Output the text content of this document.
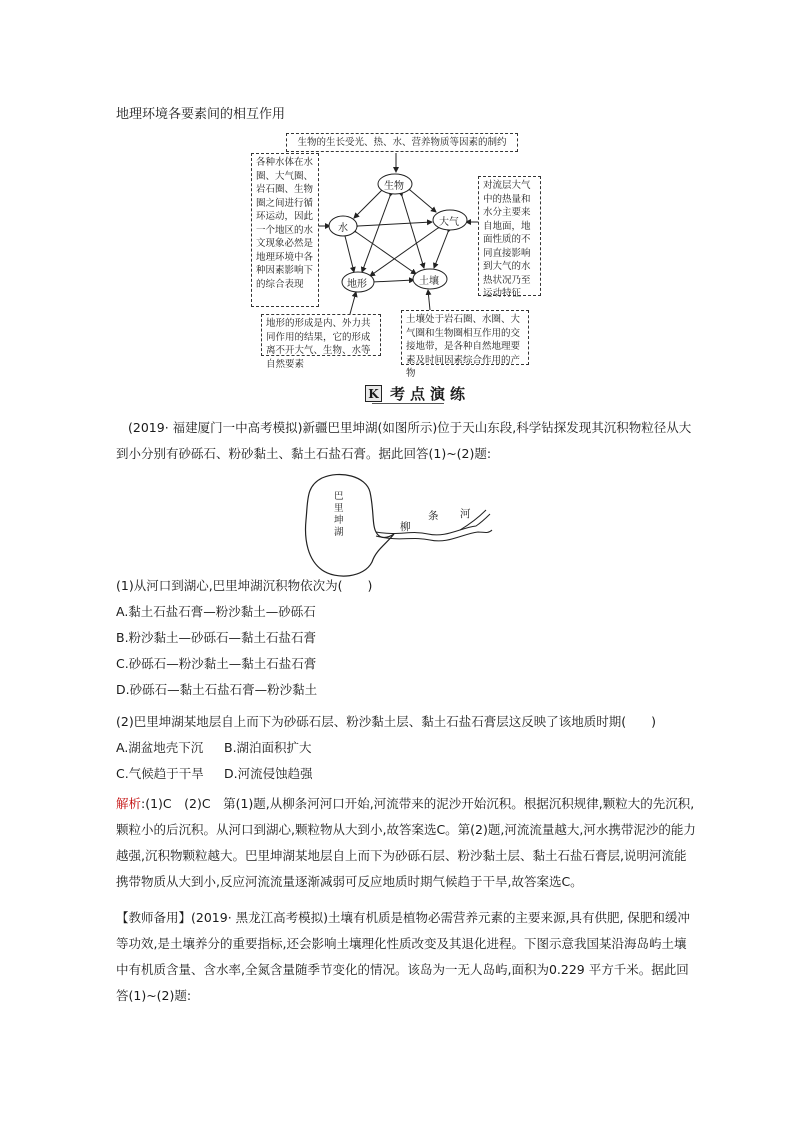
地理环境各要素间的相互作用
生物的生长受光、热、水、营养物质等因素的制约
各种水体在水圈、大气圈、岩石圈、生物圈之间进行循环运动，因此一个地区的水文现象必然是地理环境中各种因素影响下的综合表现
对流层大气中的热量和水分主要来自地面，地面性质的不同直接影响到大气的水热状况乃至运动特征
地形的形成是内、外力共同作用的结果，它的形成离不开大气、生物、水等自然要素
土壤处于岩石圈、水圈、大气圈和生物圈相互作用的交接地带，是各种自然地理要素及时间因素综合作用的产物
生物
水
大气
地形	土壤
K 考点演练
(2019· 福建厦门一中高考模拟)新疆巴里坤湖(如图所示)位于天山东段,科学钻探发现其沉积物粒径从大到小分别有砂砾石、粉砂黏土、黏土石盐石膏。据此回答(1)~(2)题:
巴里坤湖	柳
条 河
(1)从河口到湖心,巴里坤湖沉积物依次为(　　)
A.黏土石盐石膏—粉沙黏土—砂砾石
B.粉沙黏土—砂砾石—黏土石盐石膏
C.砂砾石—粉沙黏土—黏土石盐石膏
D.砂砾石—黏土石盐石膏—粉沙黏土
(2)巴里坤湖某地层自上而下为砂砾石层、粉沙黏土层、黏土石盐石膏层这反映了该地质时期(　　)
A.湖盆地壳下沉 B.湖泊面积扩大
C.气候趋于干旱 D.河流侵蚀趋强
解析:(1)C　(2)C　第(1)题,从柳条河河口开始,河流带来的泥沙开始沉积。根据沉积规律,颗粒大的先沉积,颗粒小的后沉积。从河口到湖心,颗粒物从大到小,故答案选C。第(2)题,河流流量越大,河水携带泥沙的能力越强,沉积物颗粒越大。巴里坤湖某地层自上而下为砂砾石层、粉沙黏土层、黏土石盐石膏层,说明河流能携带物质从大到小,反应河流流量逐渐减弱可反应地质时期气候趋于干旱,故答案选C。
【教师备用】(2019· 黑龙江高考模拟)土壤有机质是植物必需营养元素的主要来源,具有供肥, 保肥和缓冲等功效,是土壤养分的重要指标,还会影响土壤理化性质改变及其退化进程。下图示意我国某沿海岛屿土壤中有机质含量、含水率,全氮含量随季节变化的情况。该岛为一无人岛屿,面积为0.229 平方千米。据此回答(1)~(2)题:
